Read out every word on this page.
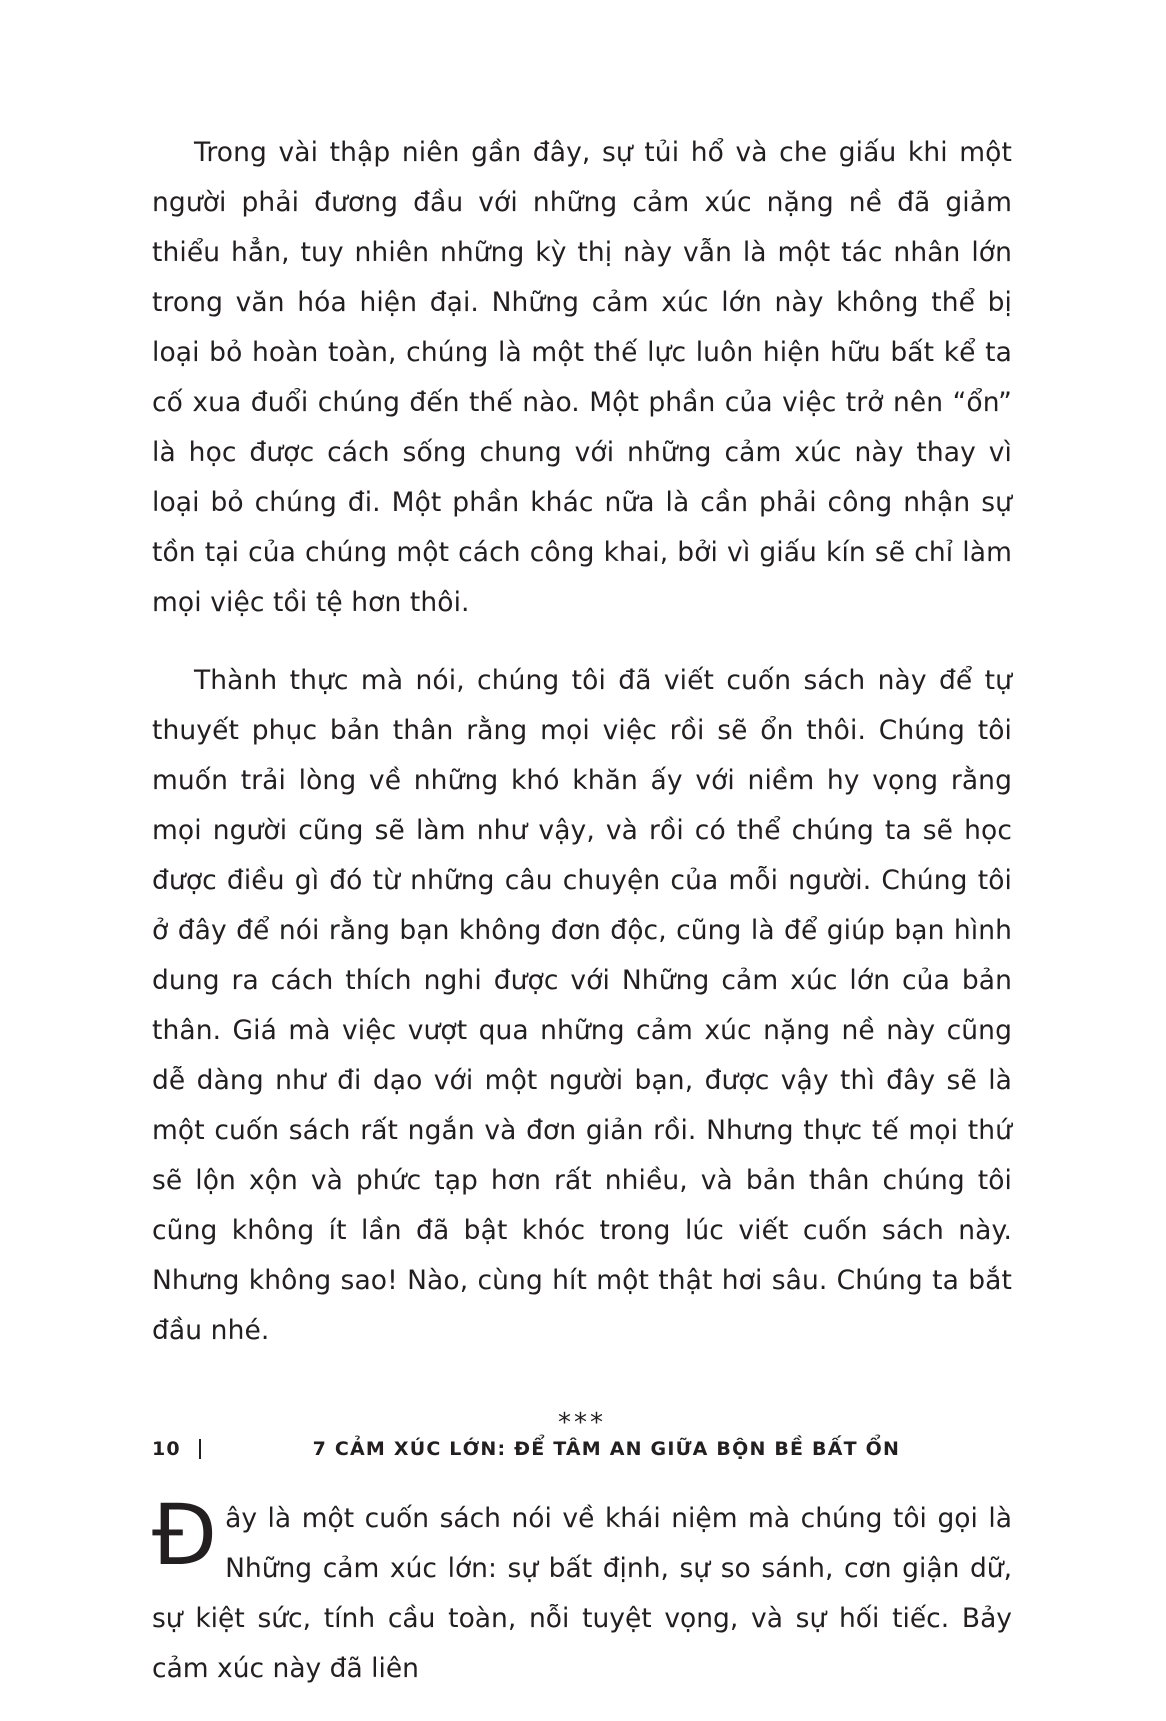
Trong vài thập niên gần đây, sự tủi hổ và che giấu khi một người phải đương đầu với những cảm xúc nặng nề đã giảm thiểu hẳn, tuy nhiên những kỳ thị này vẫn là một tác nhân lớn trong văn hóa hiện đại. Những cảm xúc lớn này không thể bị loại bỏ hoàn toàn, chúng là một thế lực luôn hiện hữu bất kể ta cố xua đuổi chúng đến thế nào. Một phần của việc trở nên “ổn” là học được cách sống chung với những cảm xúc này thay vì loại bỏ chúng đi. Một phần khác nữa là cần phải công nhận sự tồn tại của chúng một cách công khai, bởi vì giấu kín sẽ chỉ làm mọi việc tồi tệ hơn thôi.

Thành thực mà nói, chúng tôi đã viết cuốn sách này để tự thuyết phục bản thân rằng mọi việc rồi sẽ ổn thôi. Chúng tôi muốn trải lòng về những khó khăn ấy với niềm hy vọng rằng mọi người cũng sẽ làm như vậy, và rồi có thể chúng ta sẽ học được điều gì đó từ những câu chuyện của mỗi người. Chúng tôi ở đây để nói rằng bạn không đơn độc, cũng là để giúp bạn hình dung ra cách thích nghi được với Những cảm xúc lớn của bản thân. Giá mà việc vượt qua những cảm xúc nặng nề này cũng dễ dàng như đi dạo với một người bạn, được vậy thì đây sẽ là một cuốn sách rất ngắn và đơn giản rồi. Nhưng thực tế mọi thứ sẽ lộn xộn và phức tạp hơn rất nhiều, và bản thân chúng tôi cũng không ít lần đã bật khóc trong lúc viết cuốn sách này. Nhưng không sao! Nào, cùng hít một thật hơi sâu. Chúng ta bắt đầu nhé.

***

Đây là một cuốn sách nói về khái niệm mà chúng tôi gọi là Những cảm xúc lớn: sự bất định, sự so sánh, cơn giận dữ, sự kiệt sức, tính cầu toàn, nỗi tuyệt vọng, và sự hối tiếc. Bảy cảm xúc này đã liên

10	7 CẢM XÚC LỚN: ĐỂ TÂM AN GIỮA BỘN BỀ BẤT ỔN
